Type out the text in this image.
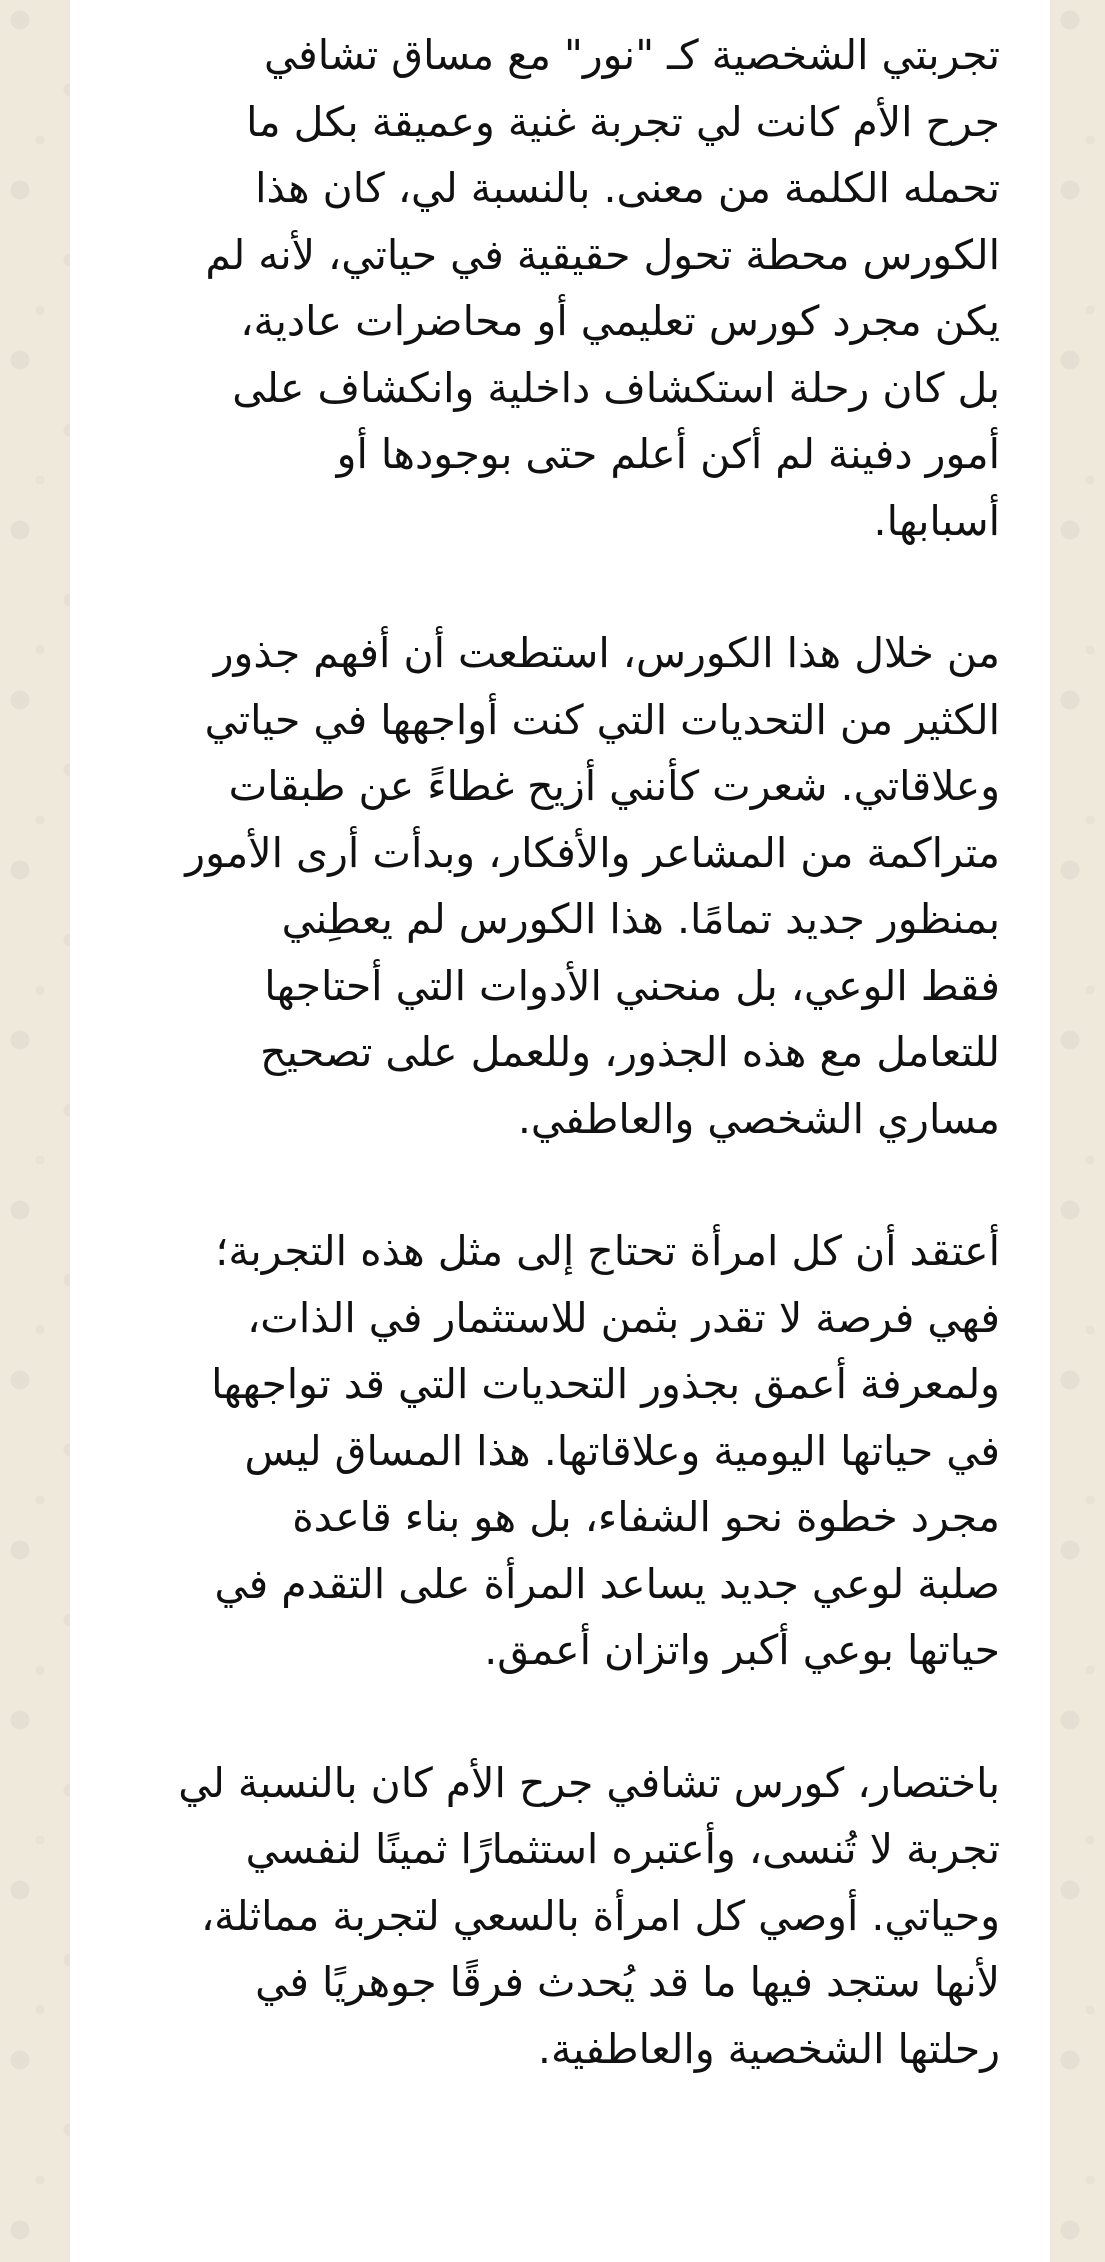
تجربتي الشخصية كـ "نور" مع مساق تشافي
جرح الأم كانت لي تجربة غنية وعميقة بكل ما
تحمله الكلمة من معنى. بالنسبة لي، كان هذا
الكورس محطة تحول حقيقية في حياتي، لأنه لم
يكن مجرد كورس تعليمي أو محاضرات عادية،
بل كان رحلة استكشاف داخلية وانكشاف على
أمور دفينة لم أكن أعلم حتى بوجودها أو
أسبابها.

من خلال هذا الكورس، استطعت أن أفهم جذور
الكثير من التحديات التي كنت أواجهها في حياتي
وعلاقاتي. شعرت كأنني أزيح غطاءً عن طبقات
متراكمة من المشاعر والأفكار، وبدأت أرى الأمور
بمنظور جديد تمامًا. هذا الكورس لم يعطِني
فقط الوعي، بل منحني الأدوات التي أحتاجها
للتعامل مع هذه الجذور، وللعمل على تصحيح
مساري الشخصي والعاطفي.

أعتقد أن كل امرأة تحتاج إلى مثل هذه التجربة؛
فهي فرصة لا تقدر بثمن للاستثمار في الذات،
ولمعرفة أعمق بجذور التحديات التي قد تواجهها
في حياتها اليومية وعلاقاتها. هذا المساق ليس
مجرد خطوة نحو الشفاء، بل هو بناء قاعدة
صلبة لوعي جديد يساعد المرأة على التقدم في
حياتها بوعي أكبر واتزان أعمق.

باختصار، كورس تشافي جرح الأم كان بالنسبة لي
تجربة لا تُنسى، وأعتبره استثمارًا ثمينًا لنفسي
وحياتي. أوصي كل امرأة بالسعي لتجربة مماثلة،
لأنها ستجد فيها ما قد يُحدث فرقًا جوهريًا في
رحلتها الشخصية والعاطفية.
